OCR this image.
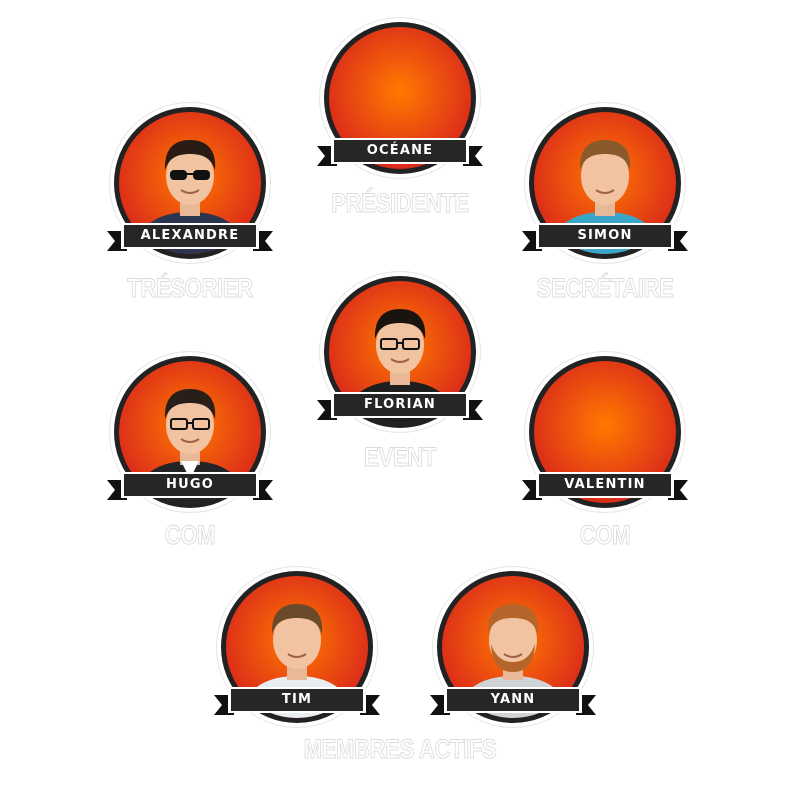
OCÉANE
PRÉSIDENTE
ALEXANDRE
TRÉSORIER
SIMON
SECRÉTAIRE
FLORIAN
EVENT
HUGO
COM
VALENTIN
COM
TIM	YANN
MEMBRES ACTIFS
